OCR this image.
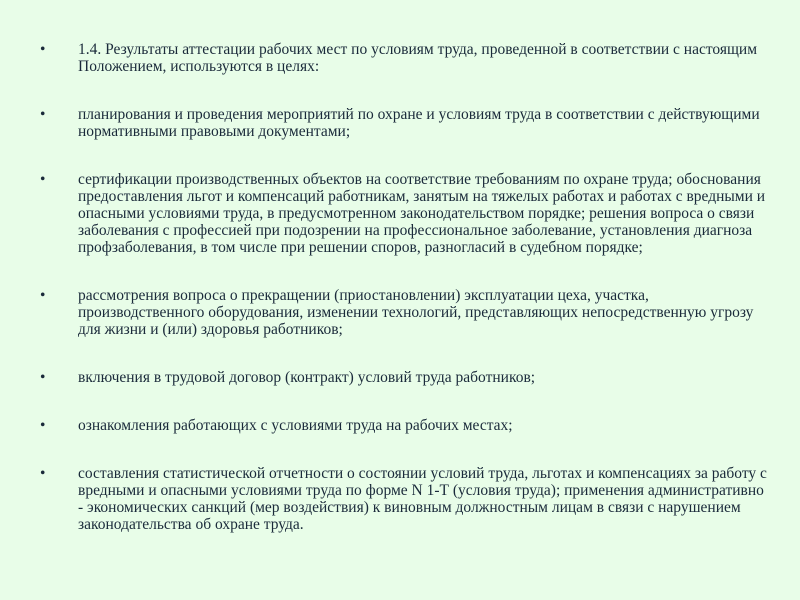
• 1.4. Результаты аттестации рабочих мест по условиям труда, проведенной в соответствии с настоящим Положением, используются в целях:
• планирования и проведения мероприятий по охране и условиям труда в соответствии с действующими нормативными правовыми документами;
• сертификации производственных объектов на соответствие требованиям по охране труда; обоснования предоставления льгот и компенсаций работникам, занятым на тяжелых работах и работах с вредными и опасными условиями труда, в предусмотренном законодательством порядке; решения вопроса о связи заболевания с профессией при подозрении на профессиональное заболевание, установления диагноза профзаболевания, в том числе при решении споров, разногласий в судебном порядке;
• рассмотрения вопроса о прекращении (приостановлении) эксплуатации цеха, участка, производственного оборудования, изменении технологий, представляющих непосредственную угрозу для жизни и (или) здоровья работников;
• включения в трудовой договор (контракт) условий труда работников;
• ознакомления работающих с условиями труда на рабочих местах;
• составления статистической отчетности о состоянии условий труда, льготах и компенсациях за работу с вредными и опасными условиями труда по форме N 1-Т (условия труда); применения административно - экономических санкций (мер воздействия) к виновным должностным лицам в связи с нарушением законодательства об охране труда.
